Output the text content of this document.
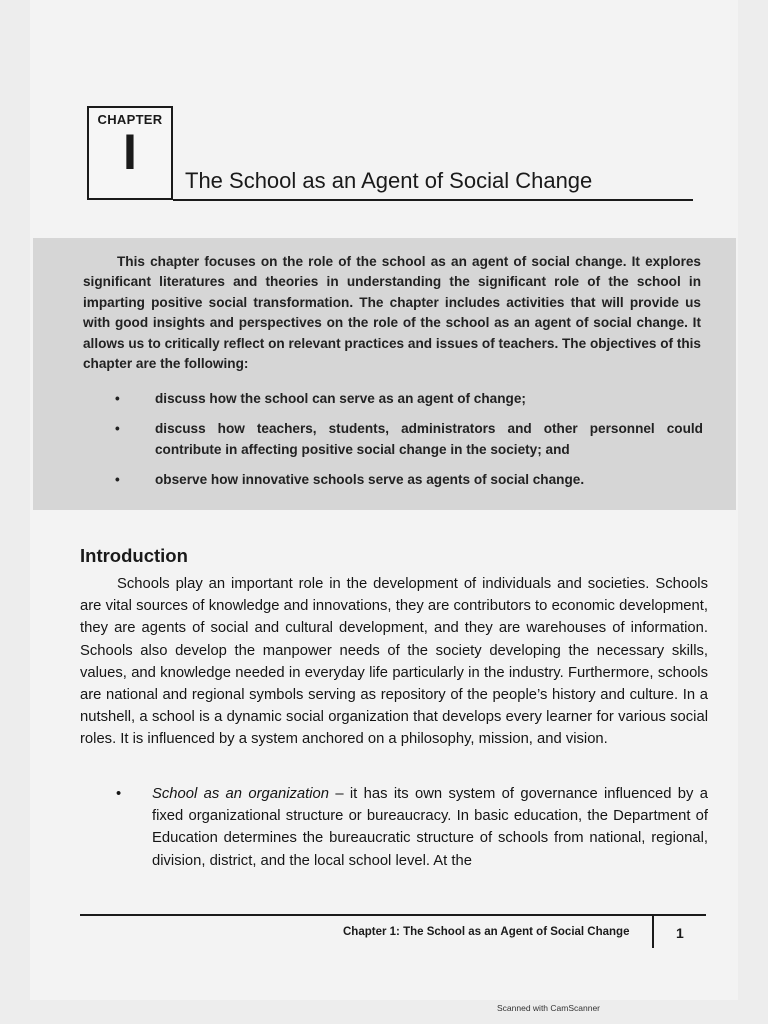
CHAPTER
I
The School as an Agent of Social Change

This chapter focuses on the role of the school as an agent of social change. It explores significant literatures and theories in understanding the significant role of the school in imparting positive social transformation. The chapter includes activities that will provide us with good insights and perspectives on the role of the school as an agent of social change. It allows us to critically reflect on relevant practices and issues of teachers. The objectives of this chapter are the following:

•	discuss how the school can serve as an agent of change;
•	discuss how teachers, students, administrators and other personnel could contribute in affecting positive social change in the society; and
•	observe how innovative schools serve as agents of social change.
Introduction

Schools play an important role in the development of individuals and societies. Schools are vital sources of knowledge and innovations, they are contributors to economic development, they are agents of social and cultural development, and they are warehouses of information. Schools also develop the manpower needs of the society developing the necessary skills, values, and knowledge needed in everyday life particularly in the industry. Furthermore, schools are national and regional symbols serving as repository of the people’s history and culture. In a nutshell, a school is a dynamic social organization that develops every learner for various social roles. It is influenced by a system anchored on a philosophy, mission, and vision.

• School as an organization – it has its own system of governance influenced by a fixed organizational structure or bureaucracy. In basic education, the Department of Education determines the bureaucratic structure of schools from national, regional, division, district, and the local school level. At the
Chapter 1: The School as an Agent of Social Change	1
Scanned with CamScanner
